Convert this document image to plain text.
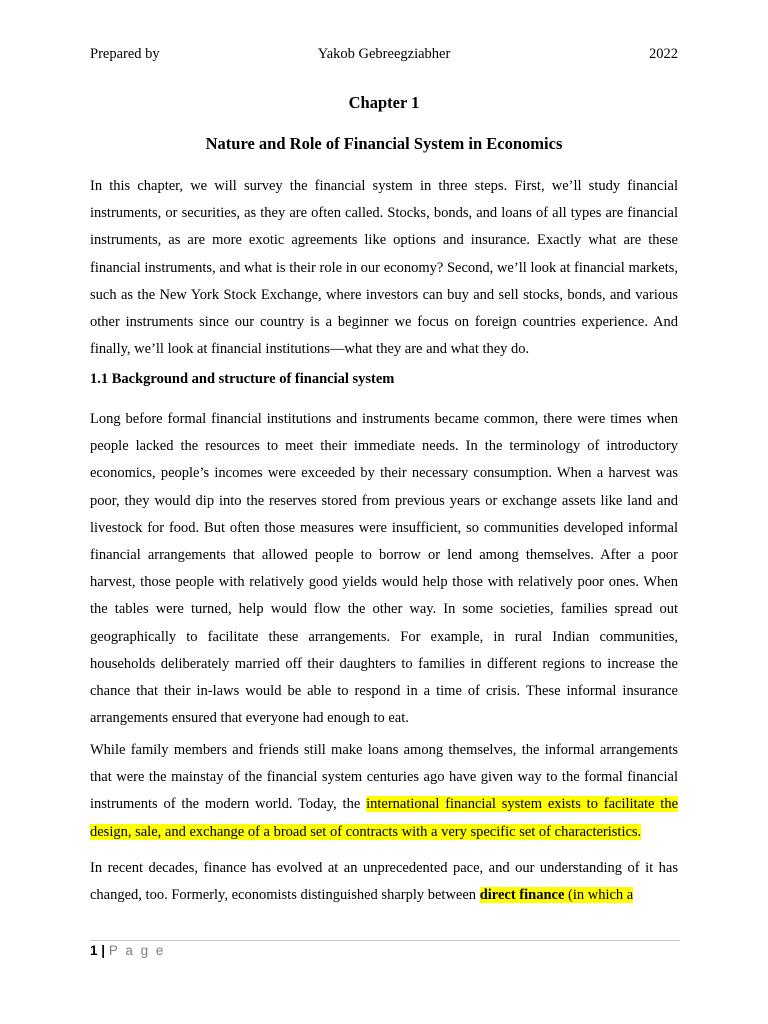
Prepared by	Yakob Gebreegziabher	2022
Chapter 1
Nature and Role of Financial System in Economics
In this chapter, we will survey the financial system in three steps. First, we’ll study financial instruments, or securities, as they are often called. Stocks, bonds, and loans of all types are financial instruments, as are more exotic agreements like options and insurance. Exactly what are these financial instruments, and what is their role in our economy? Second, we’ll look at financial markets, such as the New York Stock Exchange, where investors can buy and sell stocks, bonds, and various other instruments since our country is a beginner we focus on foreign countries experience. And finally, we’ll look at financial institutions—what they are and what they do.
1.1 Background and structure of financial system
Long before formal financial institutions and instruments became common, there were times when people lacked the resources to meet their immediate needs. In the terminology of introductory economics, people’s incomes were exceeded by their necessary consumption. When a harvest was poor, they would dip into the reserves stored from previous years or exchange assets like land and livestock for food. But often those measures were insufficient, so communities developed informal financial arrangements that allowed people to borrow or lend among themselves. After a poor harvest, those people with relatively good yields would help those with relatively poor ones. When the tables were turned, help would flow the other way. In some societies, families spread out geographically to facilitate these arrangements. For example, in rural Indian communities, households deliberately married off their daughters to families in different regions to increase the chance that their in-laws would be able to respond in a time of crisis. These informal insurance arrangements ensured that everyone had enough to eat.
While family members and friends still make loans among themselves, the informal arrangements that were the mainstay of the financial system centuries ago have given way to the formal financial instruments of the modern world. Today, the international financial system exists to facilitate the design, sale, and exchange of a broad set of contracts with a very specific set of characteristics.
In recent decades, finance has evolved at an unprecedented pace, and our understanding of it has changed, too. Formerly, economists distinguished sharply between direct finance (in which a
1 | P a g e
